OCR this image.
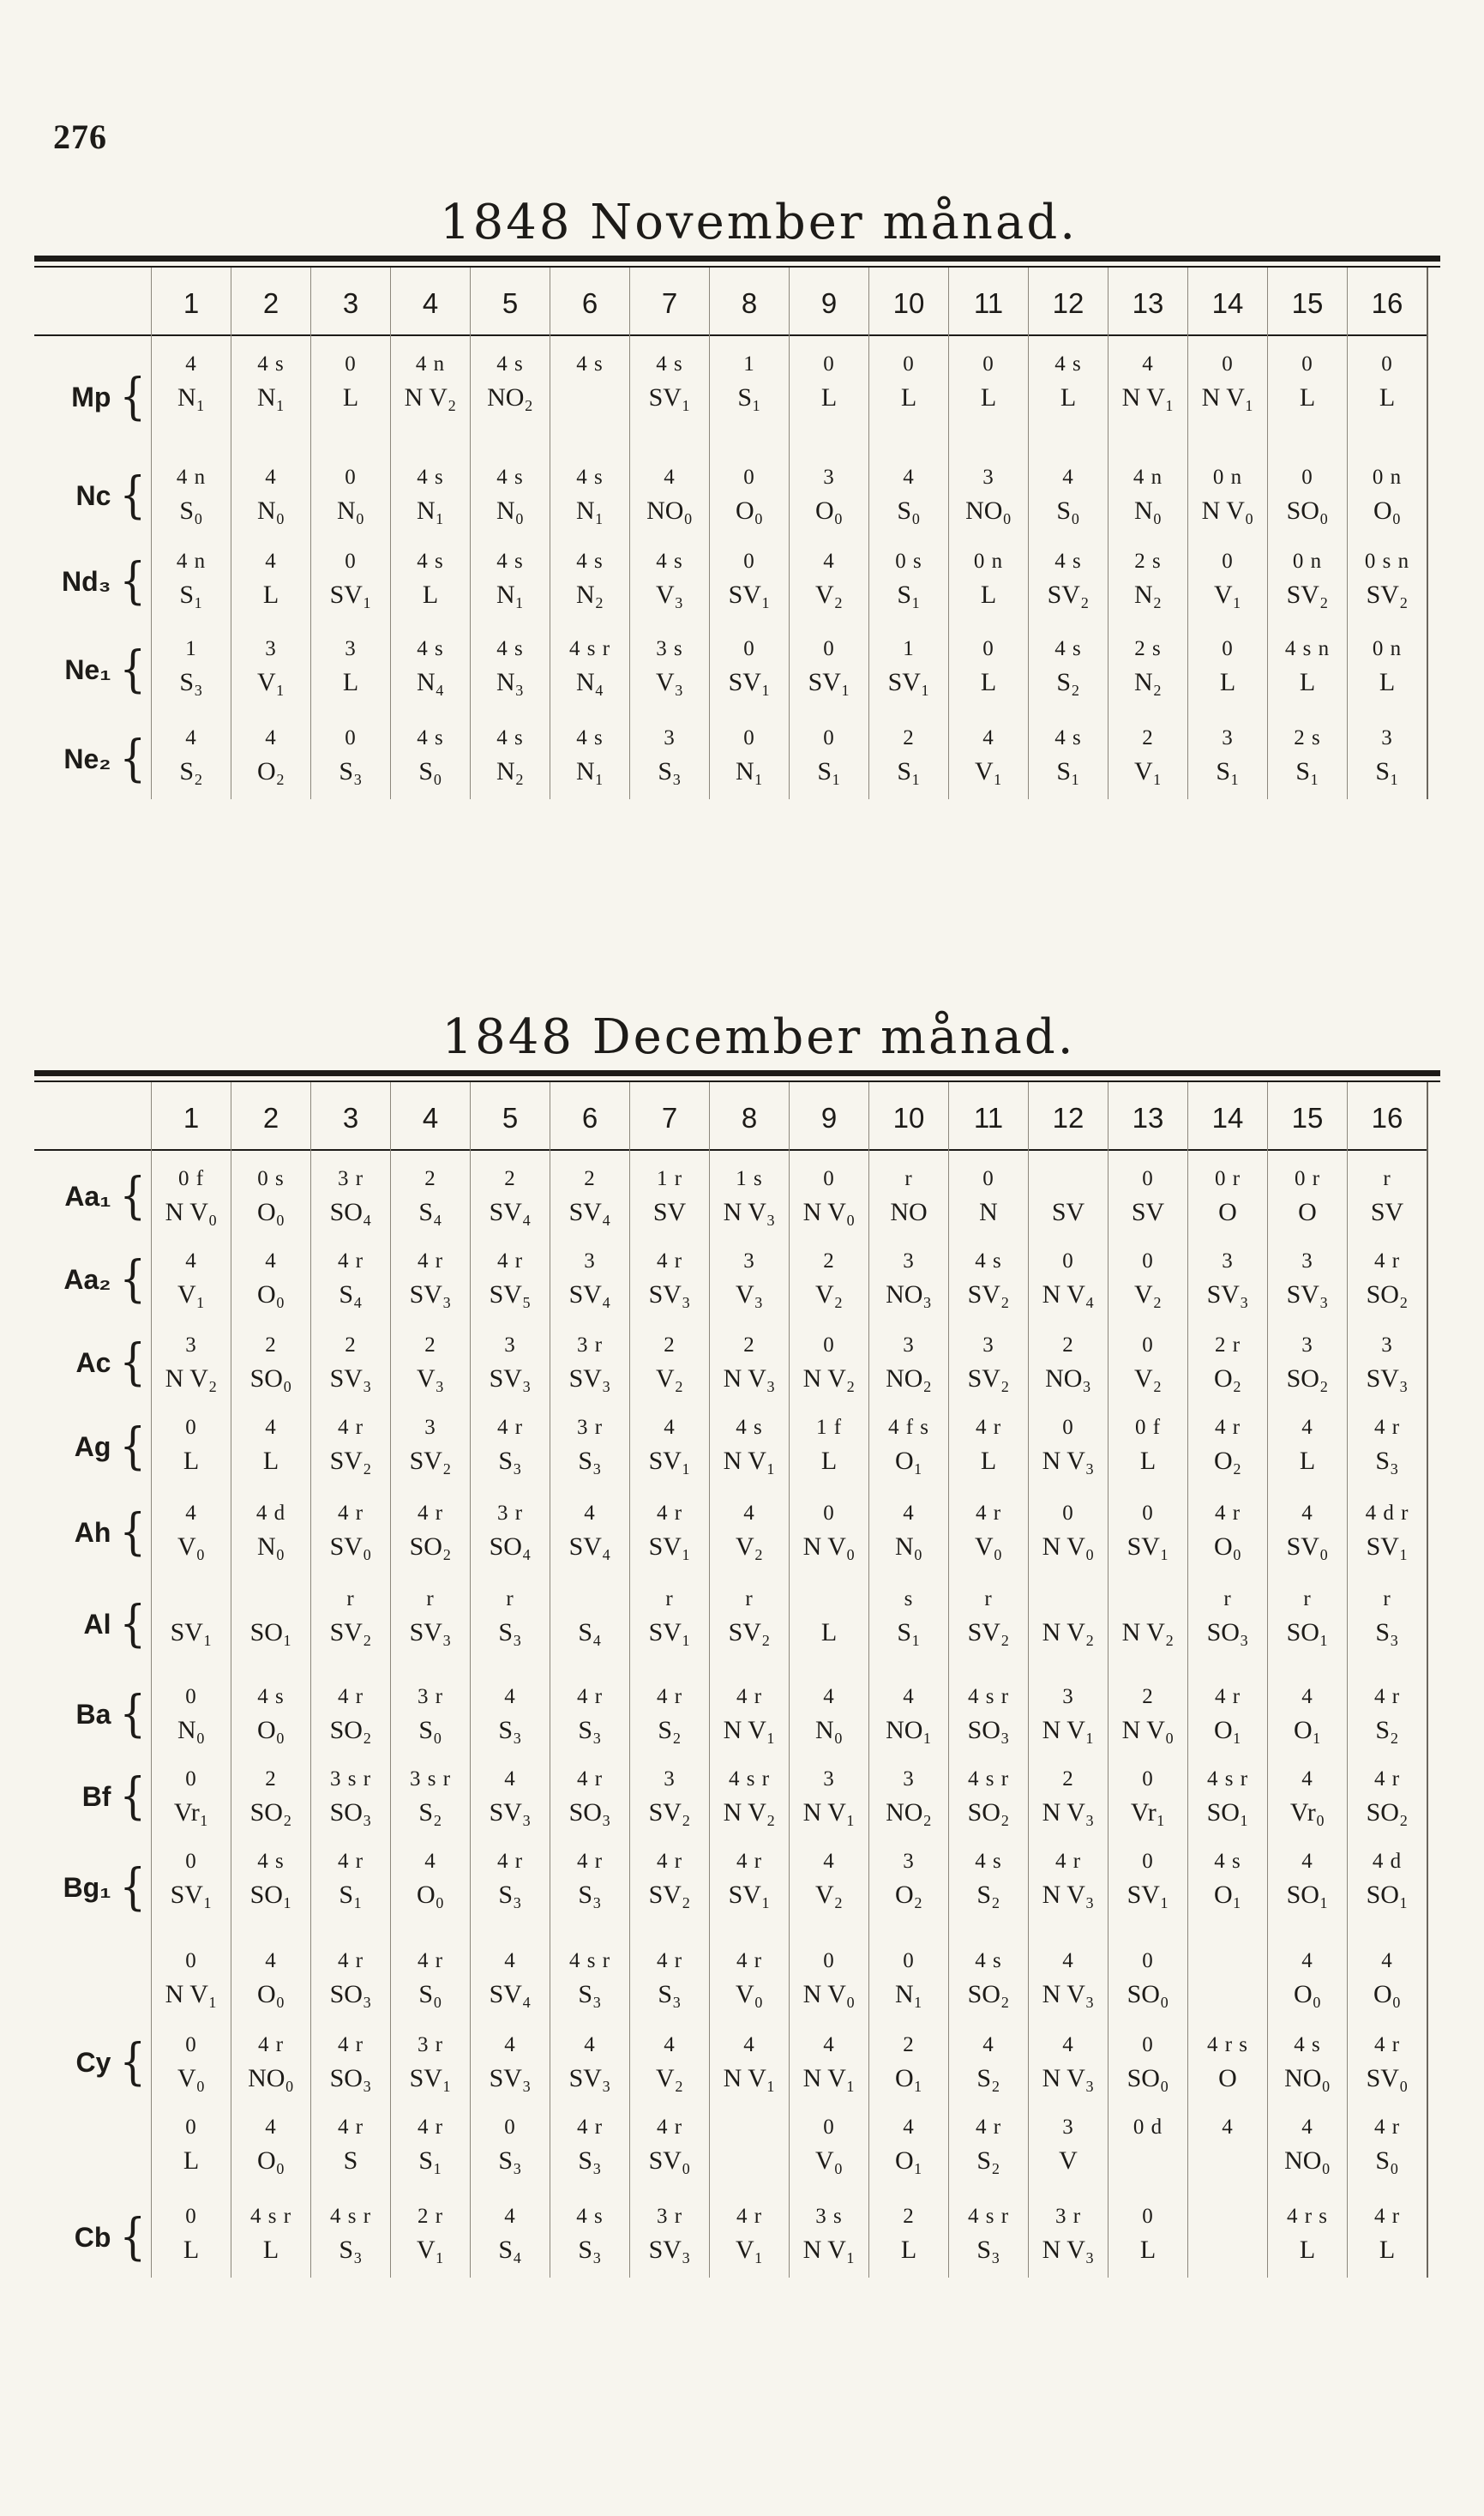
276
1848 November månad.
Mp {
Nc {
Nd₃ {
Ne₁ {
Ne₂ {
1
4
N₁
4 n
S₀
4 n
S₁
1
S₃
4
S₂
2
4 s
N₁
4
N₀
4
L
3
V₁
4
O₂
3
0
L
0
N₀
0
SV₁
3
L
0
S₃
4
4 n
N V₂
4 s
N₁
4 s
L
4 s
N₄
4 s
S₀
5
4 s
NO₂
4 s
N₀
4 s
N₁
4 s
N₃
4 s
N₂
6
4 s
4 s
N₁
4 s
N₂
4 s r
N₄
4 s
N₁
7
4 s
SV₁
4
NO₀
4 s
V₃
3 s
V₃
3
S₃
8
1
S₁
0
O₀
0
SV₁
0
SV₁
0
N₁
9
0
L
3
O₀
4
V₂
0
SV₁
0
S₁
10
0
L
4
S₀
0 s
S₁
1
SV₁
2
S₁
11
0
L
3
NO₀
0 n
L
0
L
4
V₁
12
4 s
L
4
S₀
4 s
SV₂
4 s
S₂
4 s
S₁
13
4
N V₁
4 n
N₀
2 s
N₂
2 s
N₂
2
V₁
14
0
N V₁
0 n
N V₀
0
V₁
0
L
3
S₁
15
0
L
0
SO₀
0 n
SV₂
4 s n
L
2 s
S₁
16
0
L
0 n
O₀
0 s n
SV₂
0 n
L
3
S₁
1848 December månad.
Aa₁ {
Aa₂ {
Ac {
Ag {
Ah {
Al {
Ba {
Bf {
Bg₁ {
Cy {
Cb {
1
0 f
N V₀
4
V₁
3
N V₂
0
L
4
V₀
SV₁
0
N₀
0
Vr₁
0
SV₁
0
N V₁
0
V₀
0
L
0
L
2
0 s
O₀
4
O₀
2
SO₀
4
L
4 d
N₀
SO₁
4 s
O₀
2
SO₂
4 s
SO₁
4
O₀
4 r
NO₀
4
O₀
4 s r
L
3
3 r
SO₄
4 r
S₄
2
SV₃
4 r
SV₂
4 r
SV₀
r
SV₂
4 r
SO₂
3 s r
SO₃
4 r
S₁
4 r
SO₃
4 r
SO₃
4 r
S
4 s r
S₃
4
2
S₄
4 r
SV₃
2
V₃
3
SV₂
4 r
SO₂
r
SV₃
3 r
S₀
3 s r
S₂
4
O₀
4 r
S₀
3 r
SV₁
4 r
S₁
2 r
V₁
5
2
SV₄
4 r
SV₅
3
SV₃
4 r
S₃
3 r
SO₄
r
S₃
4
S₃
4
SV₃
4 r
S₃
4
SV₄
4
SV₃
0
S₃
4
S₄
6
2
SV₄
3
SV₄
3 r
SV₃
3 r
S₃
4
SV₄
S₄
4 r
S₃
4 r
SO₃
4 r
S₃
4 s r
S₃
4
SV₃
4 r
S₃
4 s
S₃
7
1 r
SV
4 r
SV₃
2
V₂
4
SV₁
4 r
SV₁
r
SV₁
4 r
S₂
3
SV₂
4 r
SV₂
4 r
S₃
4
V₂
4 r
SV₀
3 r
SV₃
8
1 s
N V₃
3
V₃
2
N V₃
4 s
N V₁
4
V₂
r
SV₂
4 r
N V₁
4 s r
N V₂
4 r
SV₁
4 r
V₀
4
N V₁
4 r
V₁
9
0
N V₀
2
V₂
0
N V₂
1 f
L
0
N V₀
L
4
N₀
3
N V₁
4
V₂
0
N V₀
4
N V₁
0
V₀
3 s
N V₁
10
r
NO
3
NO₃
3
NO₂
4 f s
O₁
4
N₀
s
S₁
4
NO₁
3
NO₂
3
O₂
0
N₁
2
O₁
4
O₁
2
L
11
0
N
4 s
SV₂
3
SV₂
4 r
L
4 r
V₀
r
SV₂
4 s r
SO₃
4 s r
SO₂
4 s
S₂
4 s
SO₂
4
S₂
4 r
S₂
4 s r
S₃
12
SV
0
N V₄
2
NO₃
0
N V₃
0
N V₀
N V₂
3
N V₁
2
N V₃
4 r
N V₃
4
N V₃
4
N V₃
3
V
3 r
N V₃
13
0
SV
0
V₂
0
V₂
0 f
L
0
SV₁
N V₂
2
N V₀
0
Vr₁
0
SV₁
0
SO₀
0
SO₀
0 d
0
L
14
0 r
O
3
SV₃
2 r
O₂
4 r
O₂
4 r
O₀
r
SO₃
4 r
O₁
4 s r
SO₁
4 s
O₁
4 r s
O
4
15
0 r
O
3
SV₃
3
SO₂
4
L
4
SV₀
r
SO₁
4
O₁
4
Vr₀
4
SO₁
4
O₀
4 s
NO₀
4
NO₀
4 r s
L
16
r
SV
4 r
SO₂
3
SV₃
4 r
S₃
4 d r
SV₁
r
S₃
4 r
S₂
4 r
SO₂
4 d
SO₁
4
O₀
4 r
SV₀
4 r
S₀
4 r
L
